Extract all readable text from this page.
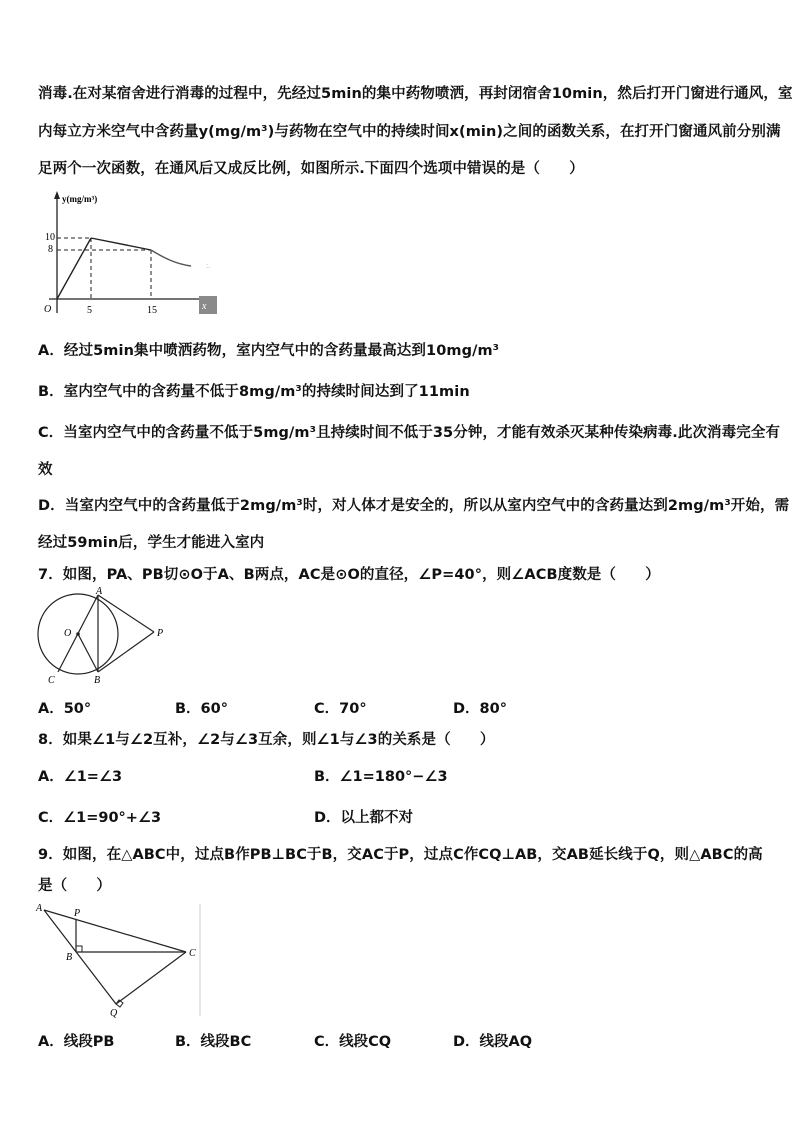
消毒.在对某宿舍进行消毒的过程中，先经过5min的集中药物喷洒，再封闭宿舍10min，然后打开门窗进行通风，室
内每立方米空气中含药量y(mg/m³)与药物在空气中的持续时间x(min)之间的函数关系，在打开门窗通风前分别满
足两个一次函数，在通风后又成反比例，如图所示.下面四个选项中错误的是（　　）
y(mg/m³)
O
10
8
5	15	x
:.
A．经过5min集中喷洒药物，室内空气中的含药量最高达到10mg/m³
B．室内空气中的含药量不低于8mg/m³的持续时间达到了11min
C．当室内空气中的含药量不低于5mg/m³且持续时间不低于35分钟，才能有效杀灭某种传染病毒.此次消毒完全有
效
D．当室内空气中的含药量低于2mg/m³时，对人体才是安全的，所以从室内空气中的含药量达到2mg/m³开始，需
经过59min后，学生才能进入室内
7．如图，PA、PB切⊙O于A、B两点，AC是⊙O的直径，∠P=40°，则∠ACB度数是（　　）
A
O	P
C	B
A．50°	B．60°	C．70°	D．80°
8．如果∠1与∠2互补，∠2与∠3互余，则∠1与∠3的关系是（　　）
A．∠1=∠3	B．∠1=180°−∠3
C．∠1=90°+∠3	D．以上都不对
9．如图，在△ABC中，过点B作PB⊥BC于B，交AC于P，过点C作CQ⊥AB，交AB延长线于Q，则△ABC的高
是（　　）
A	P
B	C
Q
A．线段PB	B．线段BC	C．线段CQ	D．线段AQ
